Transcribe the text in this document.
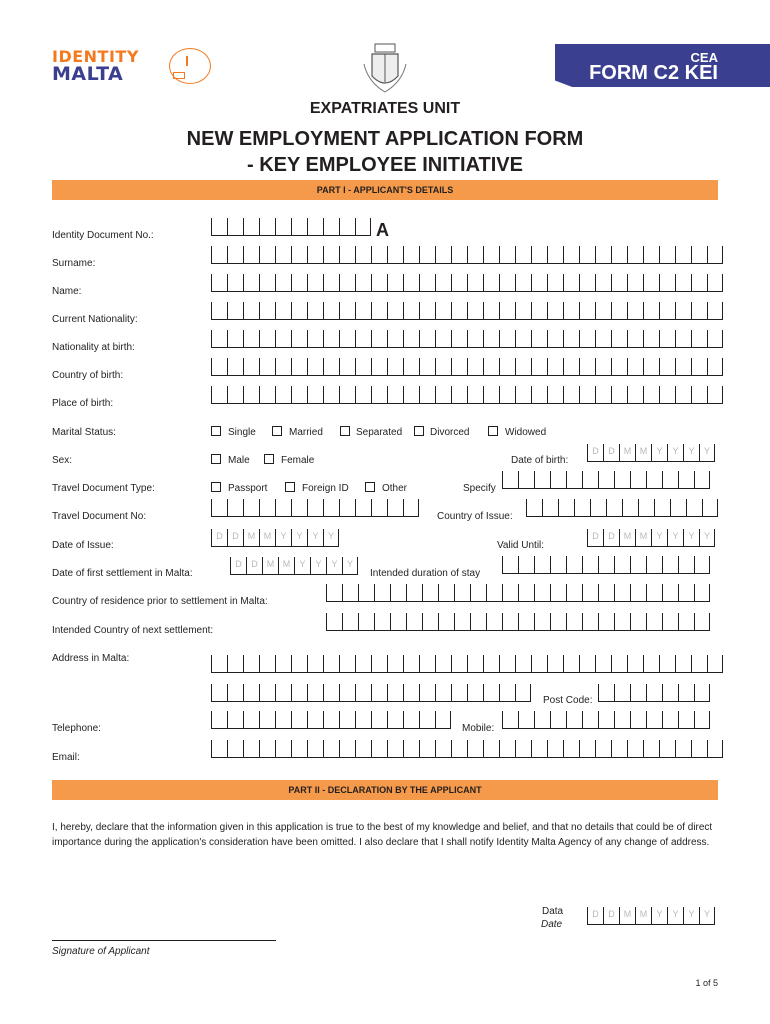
IDENTITY
MALTA
CEA
FORM C2 KEI
EXPATRIATES UNIT
NEW EMPLOYMENT APPLICATION FORM
- KEY EMPLOYEE INITIATIVE
PART I - APPLICANT'S DETAILS
Identity Document No.:	A
Surname:
Name:
Current Nationality:
Nationality at birth:
Country of birth:
Place of birth:
Marital Status:	Single	Married	Separated	Divorced	Widowed
Sex:	Male	Female	Date of birth:
D	D	M M	Y	Y	Y	Y
Travel Document Type:	Passport	Foreign ID	Other	Specify
Travel Document No:	Country of Issue:
Date of Issue:
D	D	M M	Y	Y	Y	Y
Valid Until:
D	D	M M	Y	Y	Y	Y
Date of first settlement in Malta:
D	D	M M	Y	Y	Y	Y
Intended duration of stay
Country of residence prior to settlement in Malta:
Intended Country of next settlement:
Address in Malta:
Post Code:
Telephone:	Mobile:
Email:
PART II - DECLARATION BY THE APPLICANT
I, hereby, declare that the information given in this application is true to the best of my knowledge and belief, and that no details that could be of direct importance during the application's consideration have been omitted. I also declare that I shall notify Identity Malta Agency of any change of address.
Data
Date
D	D	M M	Y	Y	Y	Y
Signature of Applicant
1 of 5
